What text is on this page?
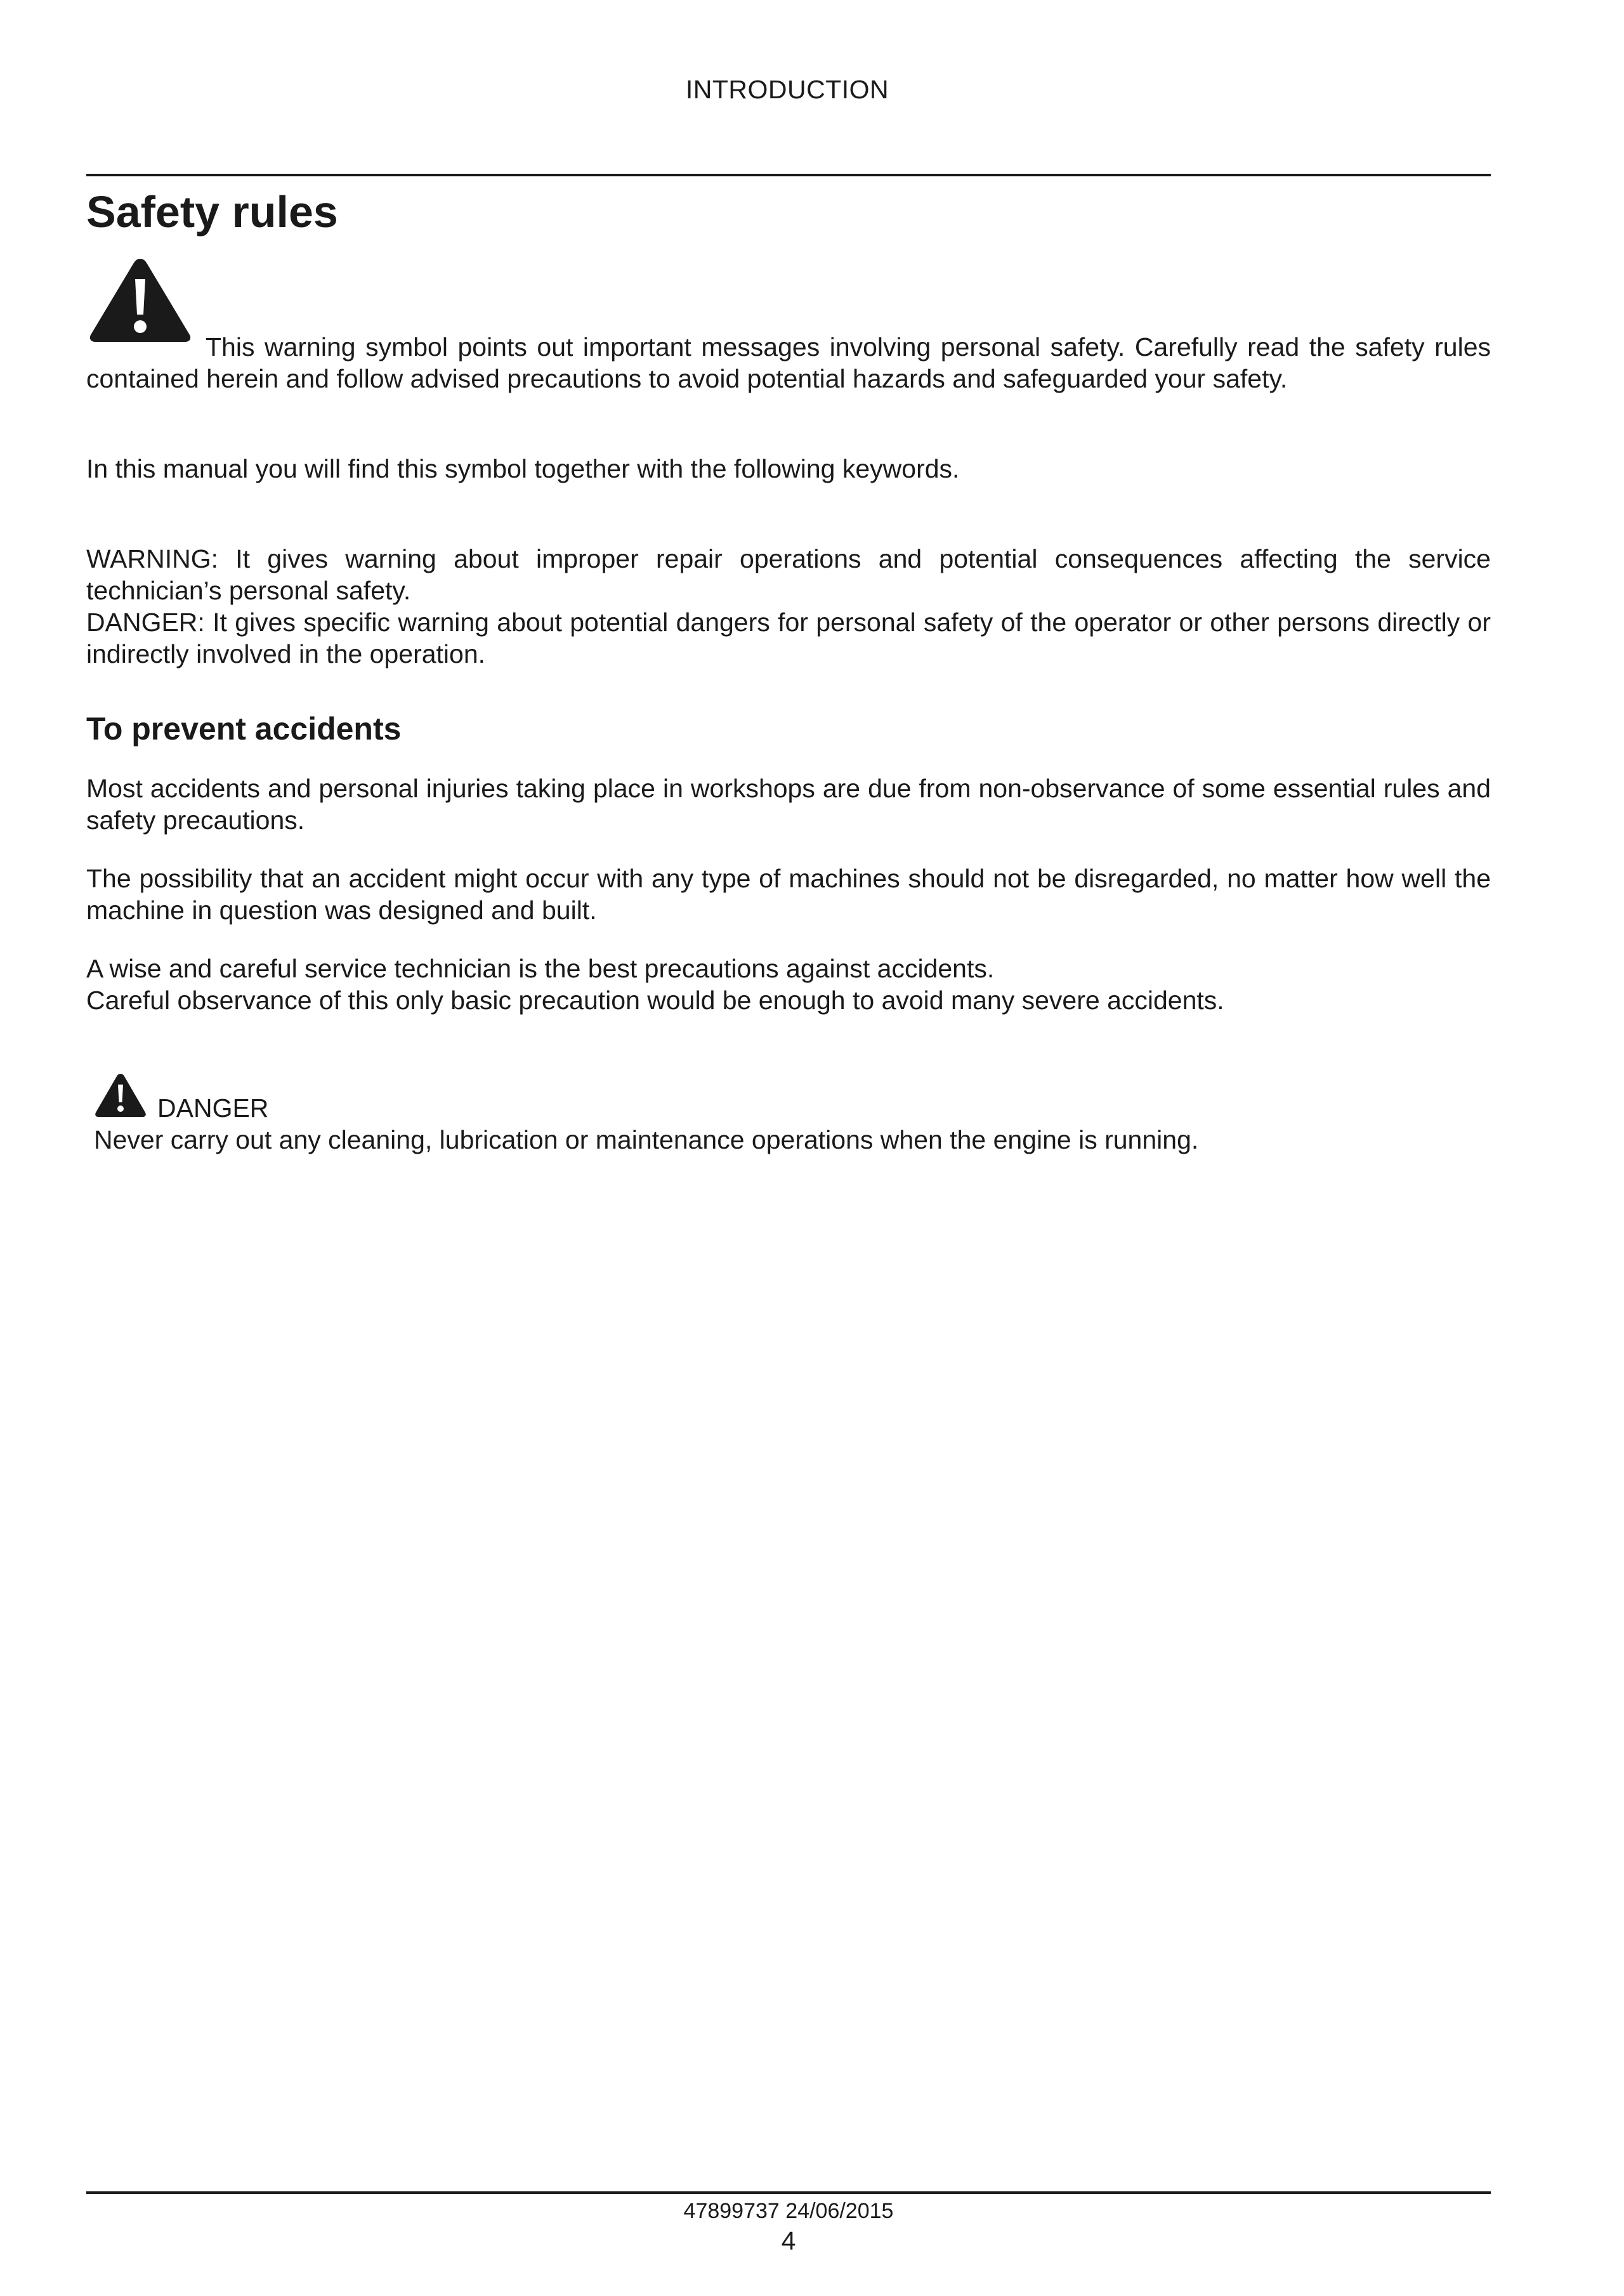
INTRODUCTION
Safety rules

This warning symbol points out important messages involving personal safety. Carefully read the safety rules contained herein and follow advised precautions to avoid potential hazards and safeguarded your safety.

In this manual you will find this symbol together with the following keywords.

WARNING: It gives warning about improper repair operations and potential consequences affecting the service technician’s personal safety.

DANGER: It gives specific warning about potential dangers for personal safety of the operator or other persons directly or indirectly involved in the operation.

To prevent accidents

Most accidents and personal injuries taking place in workshops are due from non-observance of some essential rules and safety precautions.

The possibility that an accident might occur with any type of machines should not be disregarded, no matter how well the machine in question was designed and built.

A wise and careful service technician is the best precautions against accidents.

Careful observance of this only basic precaution would be enough to avoid many severe accidents.

DANGER

Never carry out any cleaning, lubrication or maintenance operations when the engine is running.

47899737 24/06/2015
4
